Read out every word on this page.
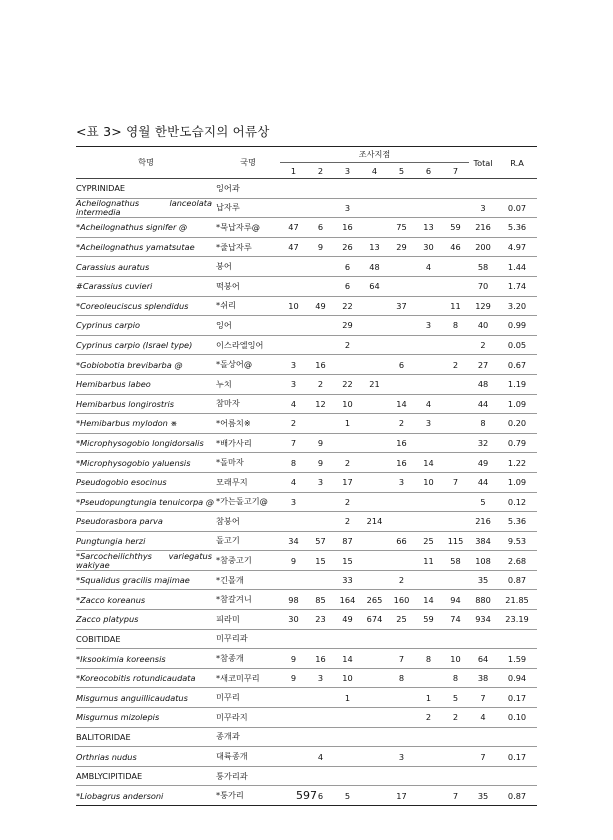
<표 3> 영월 한반도습지의 어류상
학명	국명	조사지점							Total	R.A
		1	2	3	4	5	6	7		
CYPRINIDAE	잉어과									
Acheilognathus lanceolata intermedia	납자루			3					3	0.07
*Acheilognathus signifer @	*묵납자루@	47	6	16		75	13	59	216	5.36
*Acheilognathus yamatsutae	*줄납자루	47	9	26	13	29	30	46	200	4.97
Carassius auratus	붕어			6	48		4		58	1.44
#Carassius cuvieri	떡붕어			6	64				70	1.74
*Coreoleuciscus splendidus	*쉬리	10	49	22		37		11	129	3.20
Cyprinus carpio	잉어			29			3	8	40	0.99
Cyprinus carpio (Israel type)	이스라엘잉어			2					2	0.05
*Gobiobotia brevibarba @	*돌상어@	3	16			6		2	27	0.67
Hemibarbus labeo	누치	3	2	22	21				48	1.19
Hemibarbus longirostris	참마자	4	12	10		14	4		44	1.09
*Hemibarbus mylodon ※	*어름치※	2		1		2	3		8	0.20
*Microphysogobio longidorsalis	*배가사리	7	9			16			32	0.79
*Microphysogobio yaluensis	*돌마자	8	9	2		16	14		49	1.22
Pseudogobio esocinus	모래무지	4	3	17		3	10	7	44	1.09
*Pseudopungtungia tenuicorpa @	*가는돌고기@	3		2					5	0.12
Pseudorasbora parva	참붕어			2	214				216	5.36
Pungtungia herzi	돌고기	34	57	87		66	25	115	384	9.53
*Sarcocheilichthys variegatus wakiyae	*참중고기	9	15	15			11	58	108	2.68
*Squalidus gracilis majimae	*긴몰개			33		2			35	0.87
*Zacco koreanus	*참갈겨니	98	85	164	265	160	14	94	880	21.85
Zacco platypus	피라미	30	23	49	674	25	59	74	934	23.19
COBITIDAE	미꾸리과									
*Iksookimia koreensis	*참종개	9	16	14		7	8	10	64	1.59
*Koreocobitis rotundicaudata	*새코미꾸리	9	3	10		8		8	38	0.94
Misgurnus anguillicaudatus	미꾸리			1			1	5	7	0.17
Misgurnus mizolepis	미꾸라지						2	2	4	0.10
BALITORIDAE	종개과									
Orthrias nudus	대륙종개		4			3			7	0.17
AMBLYCIPITIDAE	퉁가리과									
*Liobagrus andersoni	*퉁가리		6	5		17		7	35	0.87
597
